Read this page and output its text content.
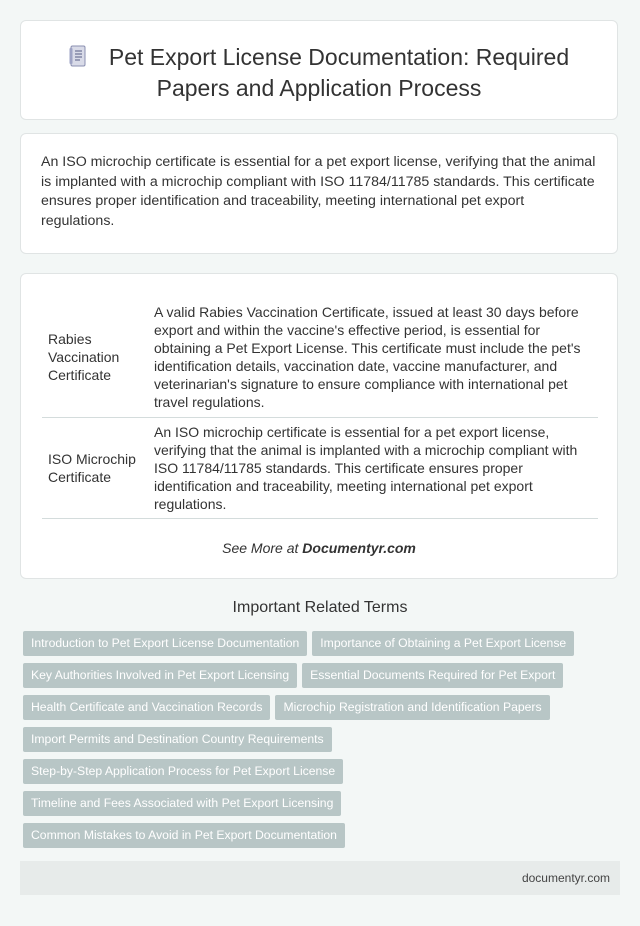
Pet Export License Documentation: Required
Papers and Application Process
An ISO microchip certificate is essential for a pet export license, verifying that the animal is implanted with a microchip compliant with ISO 11784/11785 standards. This certificate ensures proper identification and traceability, meeting international pet export regulations.
Rabies Vaccination Certificate	A valid Rabies Vaccination Certificate, issued at least 30 days before export and within the vaccine's effective period, is essential for obtaining a Pet Export License. This certificate must include the pet's identification details, vaccination date, vaccine manufacturer, and veterinarian's signature to ensure compliance with international pet travel regulations.
ISO Microchip Certificate	An ISO microchip certificate is essential for a pet export license, verifying that the animal is implanted with a microchip compliant with ISO 11784/11785 standards. This certificate ensures proper identification and traceability, meeting international pet export regulations.
See More at Documentyr.com
Important Related Terms
Introduction to Pet Export License Documentation Importance of Obtaining a Pet Export License
Key Authorities Involved in Pet Export Licensing Essential Documents Required for Pet Export
Health Certificate and Vaccination Records Microchip Registration and Identification Papers
Import Permits and Destination Country Requirements
Step-by-Step Application Process for Pet Export License
Timeline and Fees Associated with Pet Export Licensing
Common Mistakes to Avoid in Pet Export Documentation
documentyr.com
